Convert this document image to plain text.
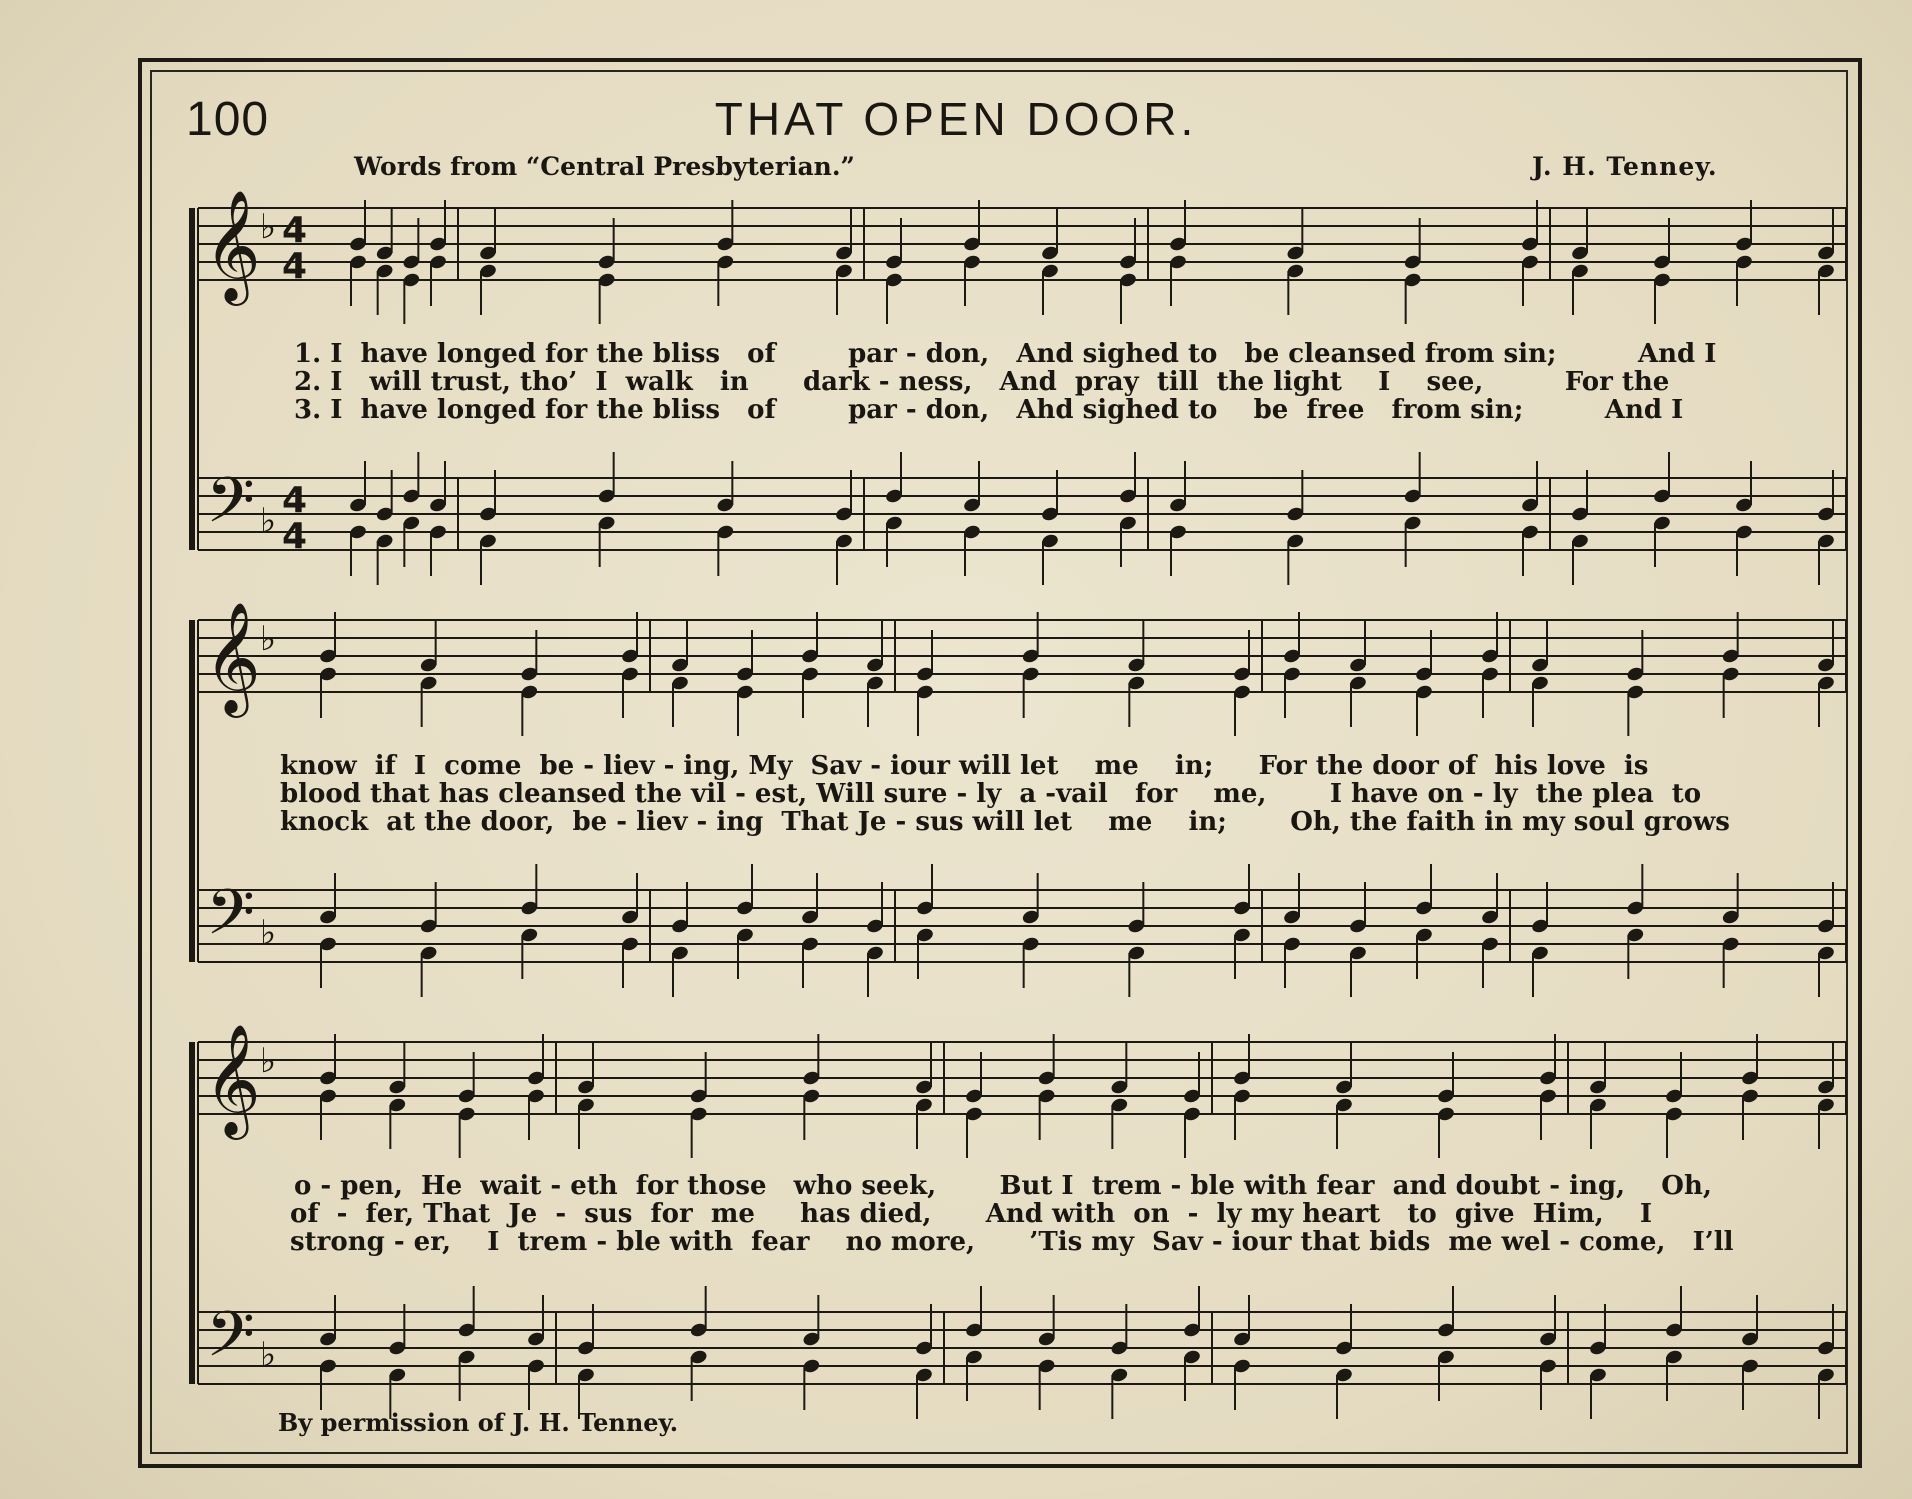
100	THAT OPEN DOOR.
Words from “Central Presbyterian.”	J. H. Tenney.
𝄞
𝄢
♭
♭
4
4
4
4
𝄞
𝄢
♭
♭
𝄞
𝄢
♭
♭
1. I  have longed for the bliss   of        par - don,   And sighed to   be cleansed from sin;         And I
2. I   will trust, tho’  I  walk   in      dark - ness,   And  pray  till  the light    I    see,         For the
3. I  have longed for the bliss   of        par - don,   Ahd sighed to    be  free   from sin;         And I
know  if  I  come  be - liev - ing, My  Sav - iour will let    me    in;     For the door of  his love  is
blood that has cleansed the vil - est, Will sure - ly  a -vail   for    me,       I have on - ly  the plea  to
knock  at the door,  be - liev - ing  That Je - sus will let    me    in;       Oh, the faith in my soul grows
o - pen,  He  wait - eth  for those   who seek,       But I  trem - ble with fear  and doubt - ing,    Oh,
of  -  fer, That  Je  -  sus  for  me     has died,      And with  on  -  ly my heart   to  give  Him,    I
strong - er,    I  trem - ble with  fear    no more,      ’Tis my  Sav - iour that bids  me wel - come,   I’ll
By permission of J. H. Tenney.
